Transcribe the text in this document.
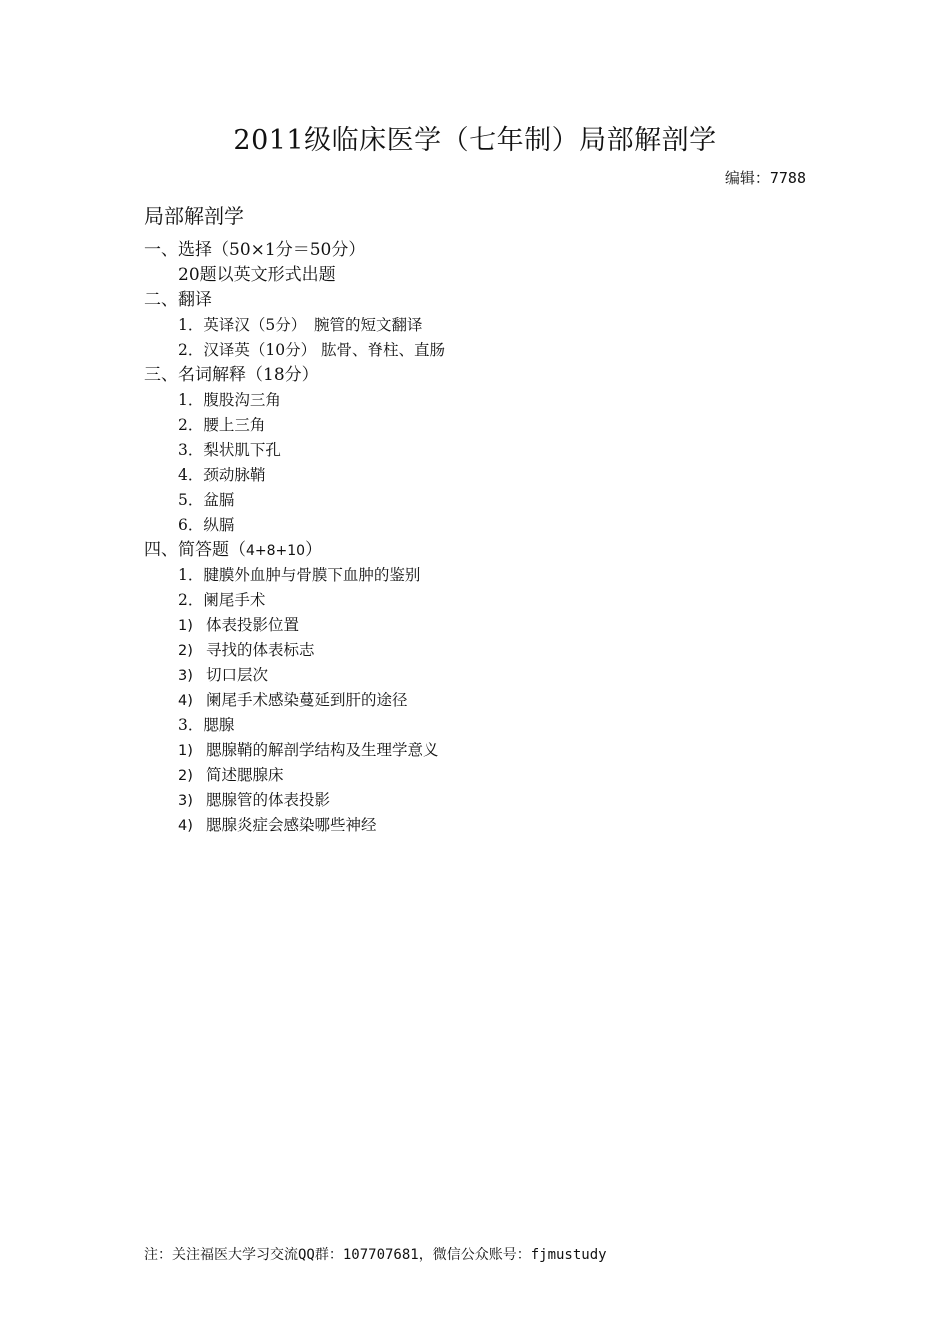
2011级临床医学（七年制）局部解剖学
编辑：7788
局部解剖学
一、选择（50×1分＝50分）
20题以英文形式出题
二、翻译
1．英译汉（5分）　腕管的短文翻译
2．汉译英（10分） 肱骨、脊柱、直肠
三、名词解释（18分）
1．腹股沟三角
2．腰上三角
3．梨状肌下孔
4．颈动脉鞘
5．盆膈
6．纵膈
四、简答题（4+8+10）
1．腱膜外血肿与骨膜下血肿的鉴别
2．阑尾手术
1) 体表投影位置
2) 寻找的体表标志
3) 切口层次
4) 阑尾手术感染蔓延到肝的途径
3．腮腺
1) 腮腺鞘的解剖学结构及生理学意义
2) 简述腮腺床
3) 腮腺管的体表投影
4) 腮腺炎症会感染哪些神经
注：关注福医大学习交流QQ群：107707681，微信公众账号：fjmustudy
